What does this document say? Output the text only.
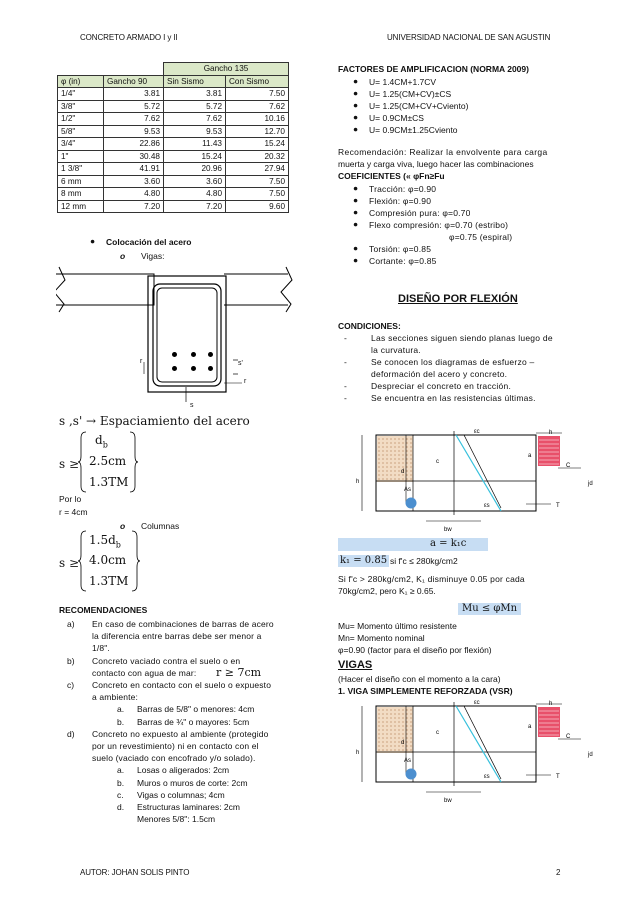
CONCRETO ARMADO I y II	UNIVERSIDAD NACIONAL DE SAN AGUSTIN
		Gancho 135	
φ (in)	Gancho 90	Sin Sismo	Con Sismo
1/4"	3.81	3.81	7.50
3/8"	5.72	5.72	7.62
1/2"	7.62	7.62	10.16
5/8"	9.53	9.53	12.70
3/4"	22.86	11.43	15.24
1"	30.48	15.24	20.32
1 3/8"	41.91	20.96	27.94
6 mm	3.60	3.60	7.50
8 mm	4.80	4.80	7.50
12 mm	7.20	7.20	9.60
● Colocación del acero
o Vigas:
s'
s
r
r
s ,s' → Espaciamiento del acero
s ≥
$d_b$
2.5cm
1.3TM
Por lo
r = 4cm
o Columnas
s ≥
$1.5d_b$
4.0cm
1.3TM
RECOMENDACIONES
a) En caso de combinaciones de barras de acero
la diferencia entre barras debe ser menor a
1/8".
b) Concreto vaciado contra el suelo o en
contacto con agua de mar: r ≥ 7cm
c) Concreto en contacto con el suelo o expuesto
a ambiente:
a. Barras de 5/8" o menores: 4cm
b. Barras de ¾" o mayores: 5cm
d) Concreto no expuesto al ambiente (protegido
por un revestimiento) ni en contacto con el
suelo (vaciado con encofrado y/o solado).
a. Losas o aligerados: 2cm
b. Muros o muros de corte: 2cm
c. Vigas o columnas; 4cm
d. Estructuras laminares: 2cm
Menores 5/8": 1.5cm
FACTORES DE AMPLIFICACION (NORMA 2009)
● U= 1.4CM+1.7CV
● U= 1.25(CM+CV)±CS
● U= 1.25(CM+CV+Cviento)
● U= 0.9CM±CS
● U= 0.9CM±1.25Cviento
Recomendación: Realizar la envolvente para carga
muerta y carga viva, luego hacer las combinaciones
COEFICIENTES (« φFn≥Fu
● Tracción: φ=0.90
● Flexión: φ=0.90
● Compresión pura: φ=0.70
● Flexo compresión: φ=0.70 (estribo)
φ=0.75 (espiral)
● Torsión: φ=0.85
● Cortante: φ=0.85
DISEÑO POR FLEXIÓN
CONDICIONES:
-	Las secciones siguen siendo planas luego de
la curvatura.
-	Se conocen los diagramas de esfuerzo –
deformación del acero y concreto.
-	Despreciar el concreto en tracción.
-	Se encuentra en las resistencias últimas.
εc	h
a
C
c
d
h	jd
As
εs	T
bw
a = k₁c
k₁ = 0.85 si f'c ≤ 280kg/cm2
Si f'c > 280kg/cm2, K₁ disminuye 0.05 por cada
70kg/cm2, pero K₁ ≥ 0.65.
Mu ≤ φMn
Mu= Momento último resistente
Mn= Momento nominal
φ=0.90 (factor para el diseño por flexión)
VIGAS
(Hacer el diseño con el momento a la cara)
1. VIGA SIMPLEMENTE REFORZADA (VSR)
εc	h
a
C
c
d
h	jd
As
εs	T
bw
AUTOR: JOHAN SOLIS PINTO	2
